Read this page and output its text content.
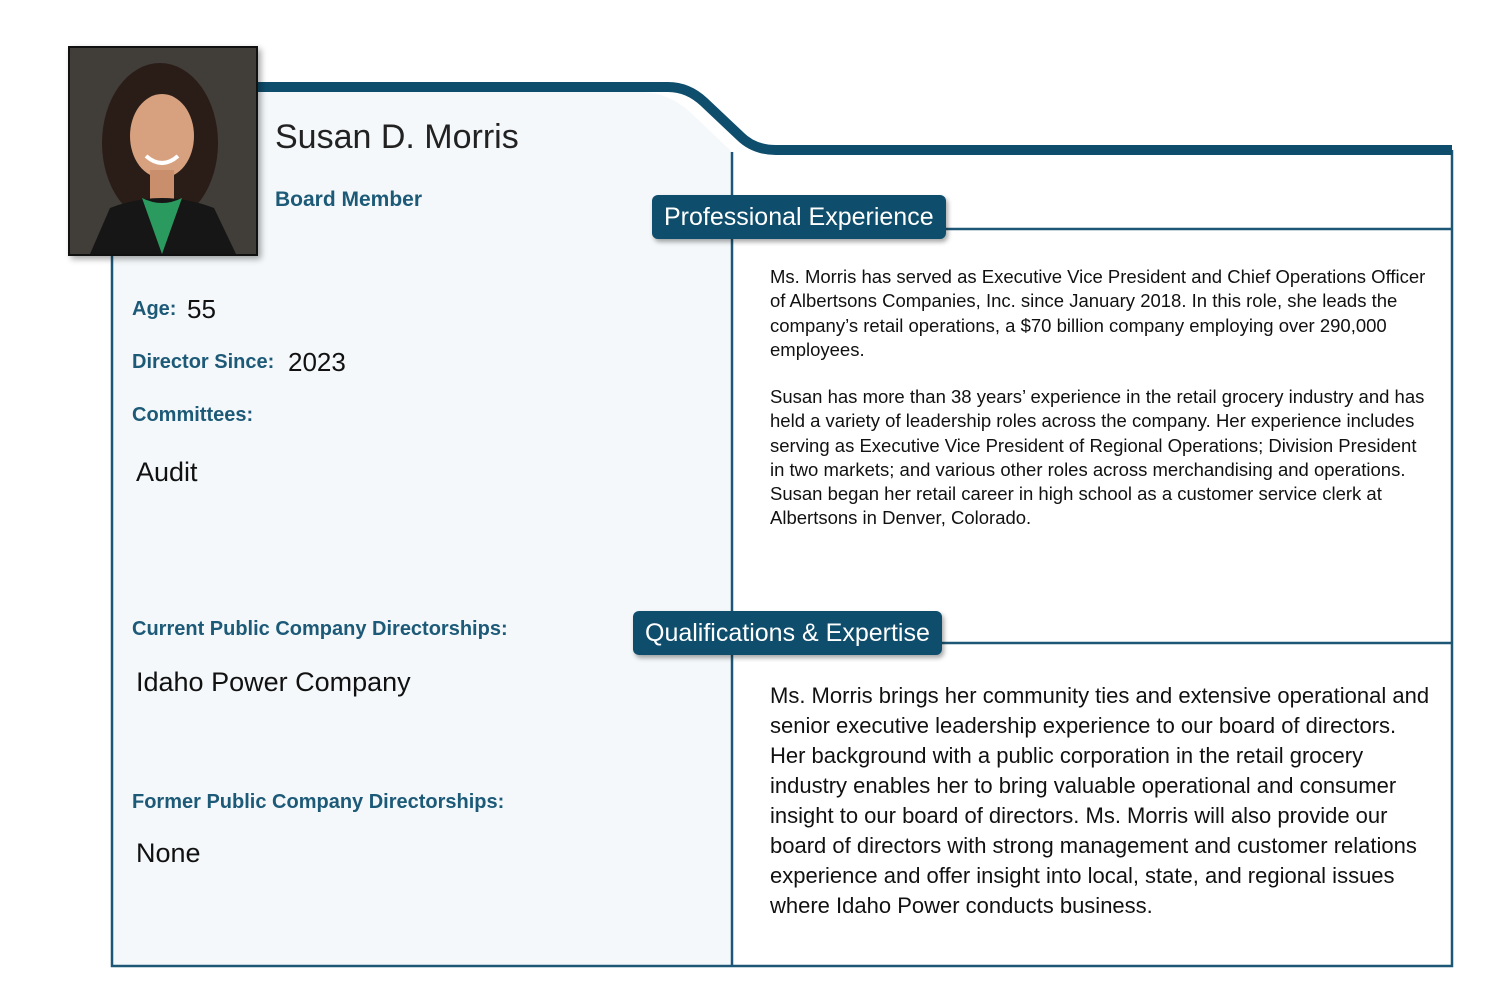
Susan D. Morris
Board Member
Age: 55
Director Since: 2023
Committees:
Audit
Current Public Company Directorships:
Idaho Power Company
Former Public Company Directorships:
None
Professional Experience
Qualifications & Expertise

Ms. Morris has served as Executive Vice President and Chief Operations Officer of Albertsons Companies, Inc. since January 2018. In this role, she leads the company’s retail operations, a $70 billion company employing over 290,000 employees.

Susan has more than 38 years’ experience in the retail grocery industry and has held a variety of leadership roles across the company. Her experience includes serving as Executive Vice President of Regional Operations; Division President in two markets; and various other roles across merchandising and operations. Susan began her retail career in high school as a customer service clerk at Albertsons in Denver, Colorado.

Ms. Morris brings her community ties and extensive operational and senior executive leadership experience to our board of directors. Her background with a public corporation in the retail grocery industry enables her to bring valuable operational and consumer insight to our board of directors. Ms. Morris will also provide our board of directors with strong management and customer relations experience and offer insight into local, state, and regional issues where Idaho Power conducts business.
